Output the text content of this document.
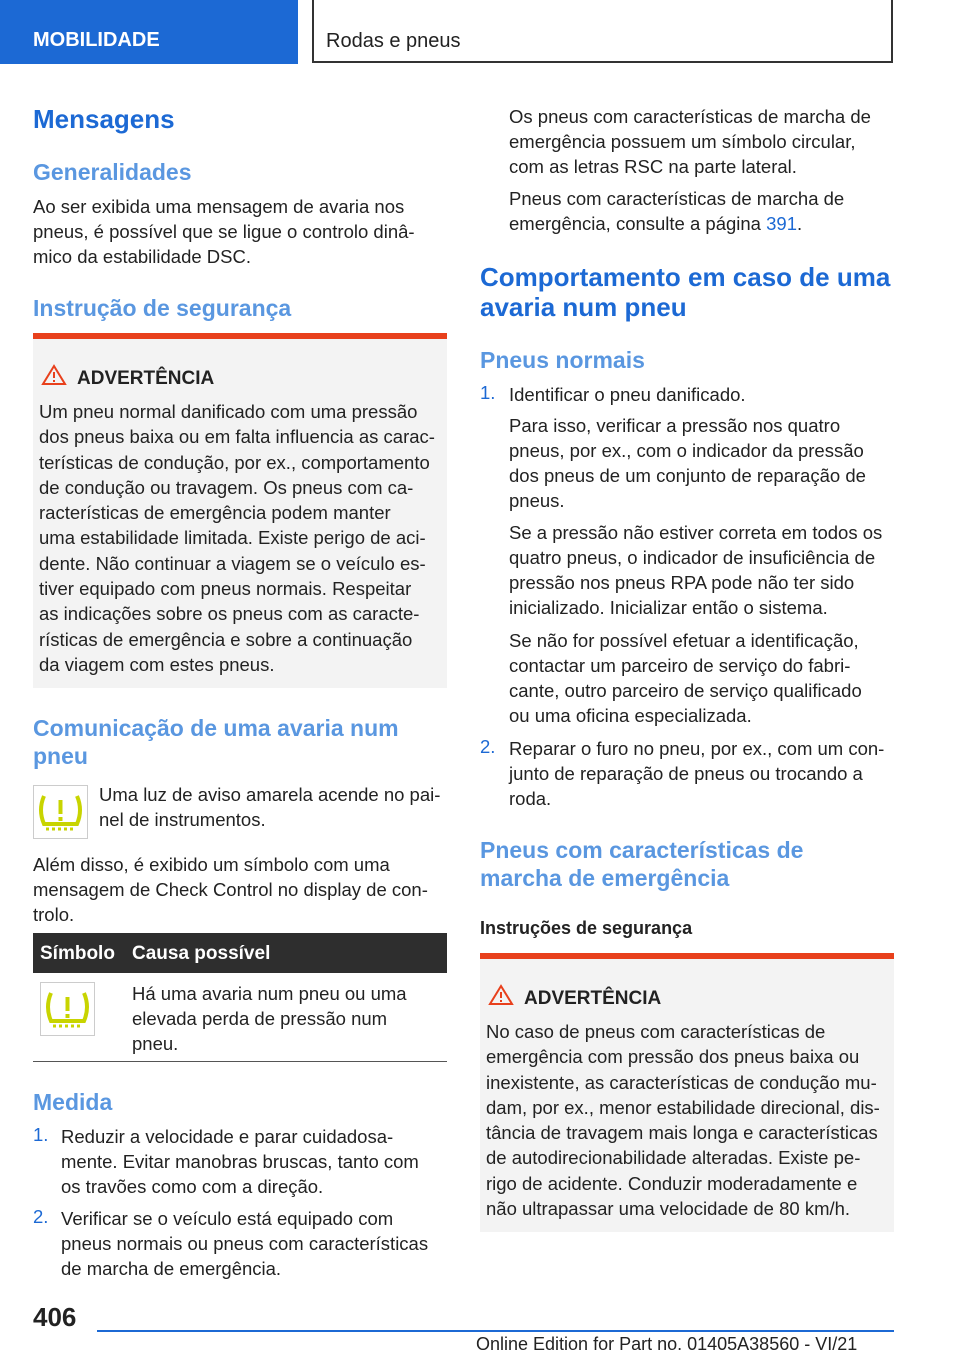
MOBILIDADE	Rodas e pneus
Mensagens
Generalidades
Ao ser exibida uma mensagem de avaria nos
pneus, é possível que se ligue o controlo dinâ-
mico da estabilidade DSC.
Instrução de segurança
ADVERTÊNCIA
Um pneu normal danificado com uma pressão
dos pneus baixa ou em falta influencia as carac-
terísticas de condução, por ex., comportamento
de condução ou travagem. Os pneus com ca-
racterísticas de emergência podem manter
uma estabilidade limitada. Existe perigo de aci-
dente. Não continuar a viagem se o veículo es-
tiver equipado com pneus normais. Respeitar
as indicações sobre os pneus com as caracte-
rísticas de emergência e sobre a continuação
da viagem com estes pneus.
Comunicação de uma avaria num
pneu
Uma luz de aviso amarela acende no pai-
nel de instrumentos.
Além disso, é exibido um símbolo com uma
mensagem de Check Control no display de con-
trolo.
Símbolo Causa possível
Há uma avaria num pneu ou uma
elevada perda de pressão num
pneu.
Medida
1. Reduzir a velocidade e parar cuidadosa-
mente. Evitar manobras bruscas, tanto com
os travões como com a direção.
2. Verificar se o veículo está equipado com
pneus normais ou pneus com características
de marcha de emergência.
Os pneus com características de marcha de
emergência possuem um símbolo circular,
com as letras RSC na parte lateral.
Pneus com características de marcha de
emergência, consulte a página 391.
Comportamento em caso de uma
avaria num pneu
Pneus normais
1. Identificar o pneu danificado.
Para isso, verificar a pressão nos quatro
pneus, por ex., com o indicador da pressão
dos pneus de um conjunto de reparação de
pneus.
Se a pressão não estiver correta em todos os
quatro pneus, o indicador de insuficiência de
pressão nos pneus RPA pode não ter sido
inicializado. Inicializar então o sistema.
Se não for possível efetuar a identificação,
contactar um parceiro de serviço do fabri-
cante, outro parceiro de serviço qualificado
ou uma oficina especializada.
2. Reparar o furo no pneu, por ex., com um con-
junto de reparação de pneus ou trocando a
roda.
Pneus com características de
marcha de emergência
Instruções de segurança
ADVERTÊNCIA
No caso de pneus com características de
emergência com pressão dos pneus baixa ou
inexistente, as características de condução mu-
dam, por ex., menor estabilidade direcional, dis-
tância de travagem mais longa e características
de autodirecionabilidade alteradas. Existe pe-
rigo de acidente. Conduzir moderadamente e
não ultrapassar uma velocidade de 80 km/h.
406
Online Edition for Part no. 01405A38560 - VI/21
